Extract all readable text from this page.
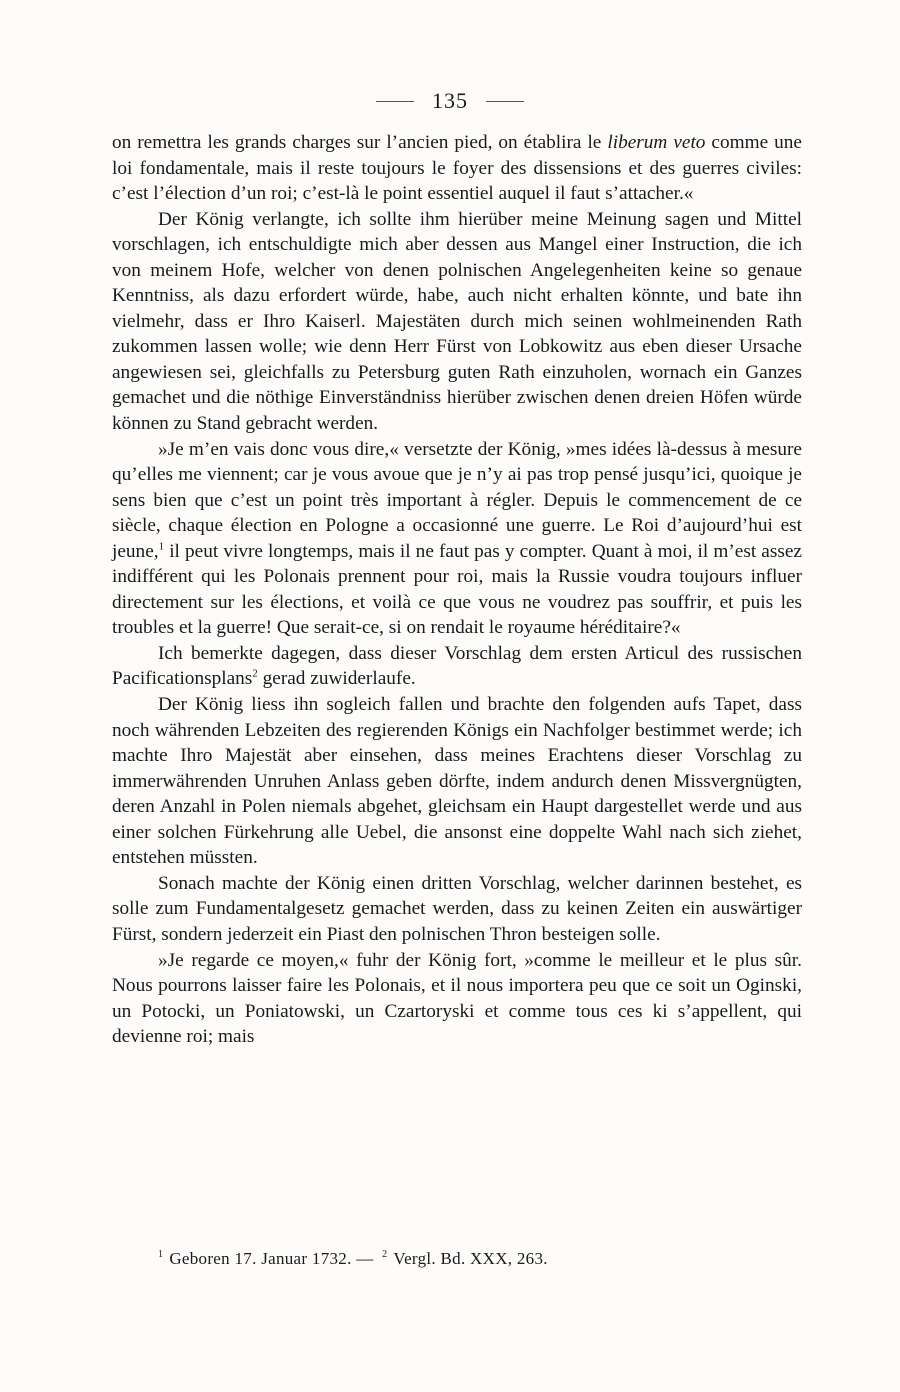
135

on remettra les grands charges sur l’ancien pied, on établira le liberum veto comme une loi fondamentale, mais il reste toujours le foyer des dissensions et des guerres civiles: c’est l’élection d’un roi; c’est-là le point essentiel auquel il faut s’attacher.«

Der König verlangte, ich sollte ihm hierüber meine Meinung sagen und Mittel vorschlagen, ich entschuldigte mich aber dessen aus Mangel einer Instruction, die ich von meinem Hofe, welcher von denen polnischen Angelegenheiten keine so genaue Kenntniss, als dazu erfordert würde, habe, auch nicht erhalten könnte, und bate ihn vielmehr, dass er Ihro Kaiserl. Majestäten durch mich seinen wohlmeinenden Rath zukommen lassen wolle; wie denn Herr Fürst von Lobkowitz aus eben dieser Ursache angewiesen sei, gleichfalls zu Petersburg guten Rath einzuholen, wornach ein Ganzes gemachet und die nöthige Einverständniss hierüber zwischen denen dreien Höfen würde können zu Stand gebracht werden.

»Je m’en vais donc vous dire,« versetzte der König, »mes idées là-dessus à mesure qu’elles me viennent; car je vous avoue que je n’y ai pas trop pensé jusqu’ici, quoique je sens bien que c’est un point très important à régler. Depuis le commencement de ce siècle, chaque élection en Pologne a occasionné une guerre. Le Roi d’aujourd’hui est jeune,$^1$ il peut vivre longtemps, mais il ne faut pas y compter. Quant à moi, il m’est assez indifférent qui les Polonais prennent pour roi, mais la Russie voudra toujours influer directement sur les élections, et voilà ce que vous ne voudrez pas souffrir, et puis les troubles et la guerre! Que serait-ce, si on rendait le royaume héréditaire?«

Ich bemerkte dagegen, dass dieser Vorschlag dem ersten Articul des russischen Pacificationsplans$^2$ gerad zuwiderlaufe.

Der König liess ihn sogleich fallen und brachte den folgenden aufs Tapet, dass noch währenden Lebzeiten des regierenden Königs ein Nachfolger bestimmet werde; ich machte Ihro Majestät aber einsehen, dass meines Erachtens dieser Vorschlag zu immerwährenden Unruhen Anlass geben dörfte, indem andurch denen Missvergnügten, deren Anzahl in Polen niemals abgehet, gleichsam ein Haupt dargestellet werde und aus einer solchen Fürkehrung alle Uebel, die ansonst eine doppelte Wahl nach sich ziehet, entstehen müssten.

Sonach machte der König einen dritten Vorschlag, welcher darinnen bestehet, es solle zum Fundamentalgesetz gemachet werden, dass zu keinen Zeiten ein auswärtiger Fürst, sondern jederzeit ein Piast den polnischen Thron besteigen solle.

»Je regarde ce moyen,« fuhr der König fort, »comme le meilleur et le plus sûr. Nous pourrons laisser faire les Polonais, et il nous importera peu que ce soit un Oginski, un Potocki, un Poniatowski, un Czartoryski et comme tous ces ki s’appellent, qui devienne roi; mais

$^1$ Geboren 17. Januar 1732. — $^2$ Vergl. Bd. XXX, 263.
